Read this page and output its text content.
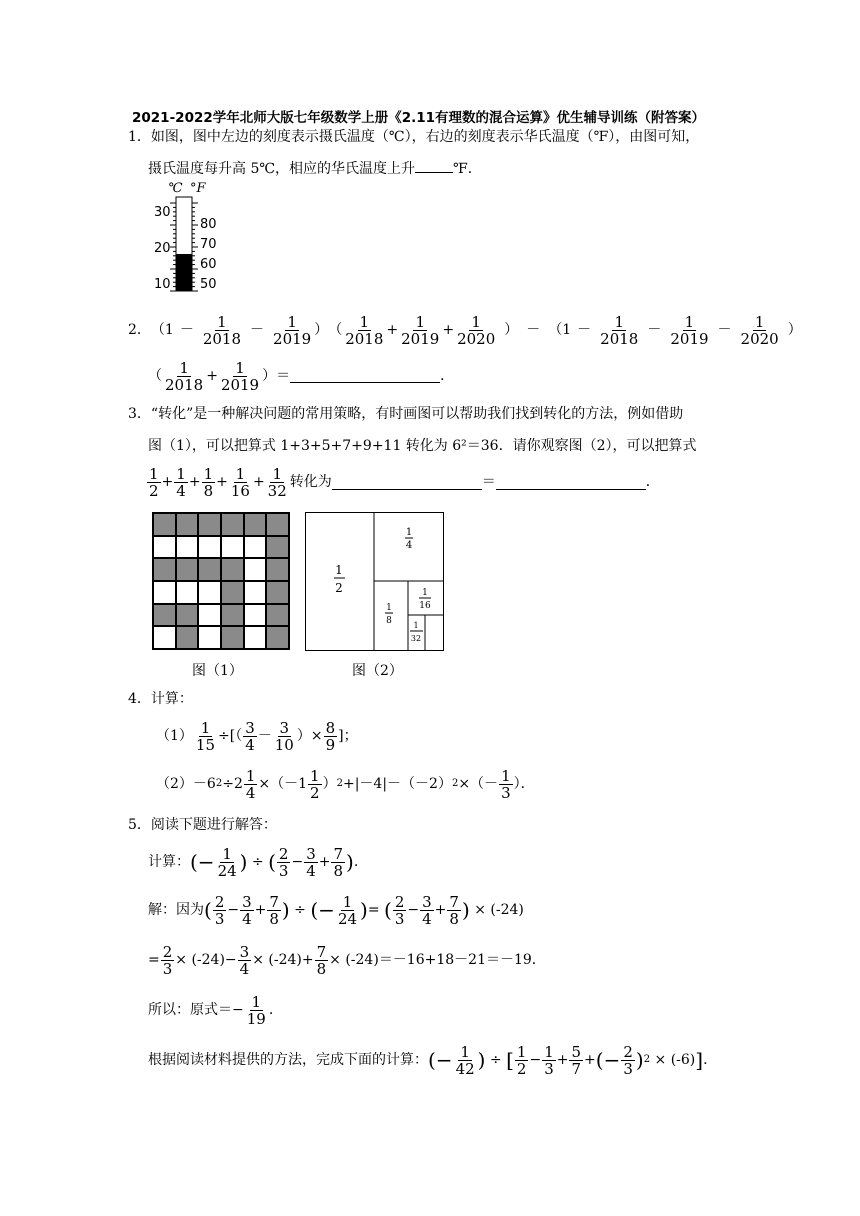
2021-2022学年北师大版七年级数学上册《2.11有理数的混合运算》优生辅导训练（附答案）
1．如图，图中左边的刻度表示摄氏温度（℃），右边的刻度表示华氏温度（℉），由图可知，
摄氏温度每升高 5℃，相应的华氏温度上升	℉．
℃ °F
30
20
10
80
70
60
50
2． （ $1 - \frac{1}{2018} - \frac{1}{2019}$ ） （ $\frac{1}{2018} + \frac{1}{2019} + \frac{1}{2020}$ ） － （ $1 - \frac{1}{2018} - \frac{1}{2019} - \frac{1}{2020}$ ）
（ $\frac{1}{2018} + \frac{1}{2019}$ ） ＝	．
3．“转化”是一种解决问题的常用策略，有时画图可以帮助我们找到转化的方法，例如借助
图（1），可以把算式 1+3+5+7+9+11 转化为 6²＝36．请你观察图（2），可以把算式
$\frac{1}{2} + \frac{1}{4} + \frac{1}{8} + \frac{1}{16} + \frac{1}{32}$ 转化为	＝	．
图（1）
1
2
1
4
1
8
1
16
1
32
图（2）
4．计算：
$(1) \frac{1}{15}$ ÷[（ $\frac{3}{4} - \frac{3}{10}$ ）× $\frac{8}{9}$ ]；
（2） －6 $2 \div 2 \frac{1}{4} \times(-1 \frac{1}{2}$ ） 2 +|－4|－（－2） 2 ×（－ $\frac{1}{3}$ ）．
5．阅读下题进行解答：
计算： (− $\frac{1}{24}$ ) ÷ ( $\frac{2}{3} - \frac{3}{4} + \frac{7}{8}$ ) .
解：因为 ( $\frac{2}{3} - \frac{3}{4} + \frac{7}{8}$ ) ÷ (− $\frac{1}{24}$ ) = ( $\frac{2}{3} - \frac{3}{4} + \frac{7}{8}$ ) × (-24)
= $\frac{2}{3} \times (-24)- \frac{3}{4} \times (-24)+ \frac{7}{8} \times (-24) =-16+18-21=-19$．
所以：原式＝ − $\frac{1}{19}$ .
根据阅读材料提供的方法，完成下面的计算： (− $\frac{1}{42}$ ) ÷ [ $\frac{1}{2} - \frac{1}{3} + \frac{5}{7}$ + (− $\frac{2}{3}$ ) 2 × (-6) ] .
